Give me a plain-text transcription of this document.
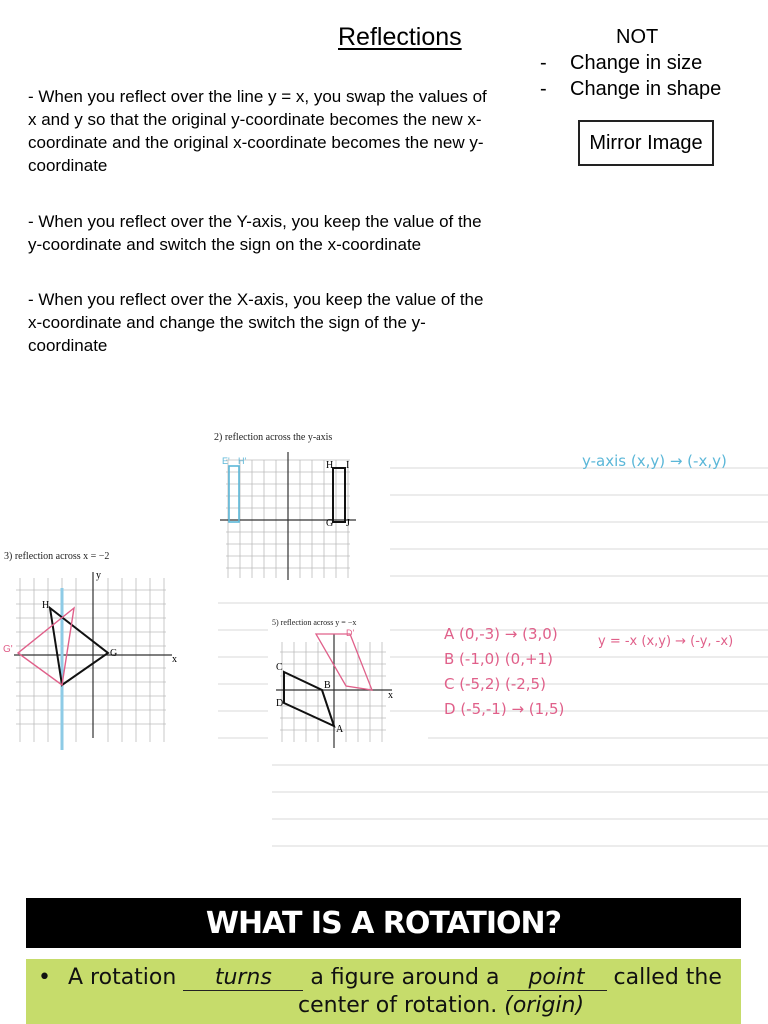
Reflections	NOT
-	Change in size
-	Change in shape
Mirror Image
- When you reflect over the line y = x, you swap the values of x and y so that the original y-coordinate becomes the new x-coordinate and the original x-coordinate becomes the new y-coordinate
- When you reflect over the Y-axis, you keep the value of the y-coordinate and switch the sign on the x-coordinate
- When you reflect over the X-axis, you keep the value of the x-coordinate and change the switch the sign of the y-coordinate
H I
G J
E' H'
H
G'	G
y
x
C
D
B
A
D'
x
2) reflection across the y-axis
3) reflection across x = −2
5) reflection across y = −x
y-axis (x,y) → (-x,y)
A (0,-3) → (3,0)
B (-1,0) (0,+1)
C (-5,2) (-2,5)
D (-5,-1) → (1,5)
y = -x (x,y) → (-y, -x)
WHAT IS A ROTATION?
• A rotation turns a figure around a point called the
center of rotation. (origin)
